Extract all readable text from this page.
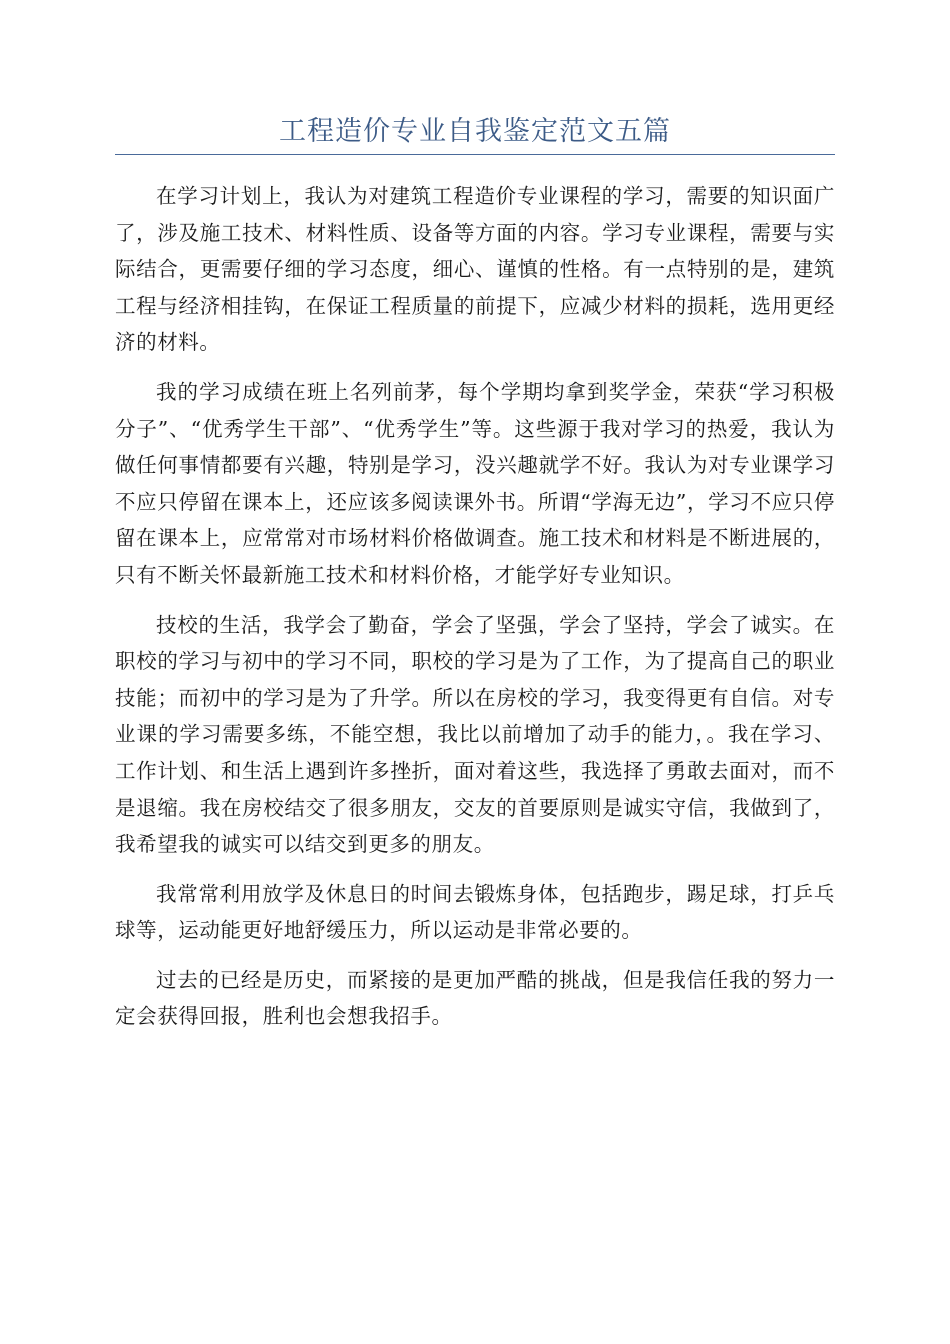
工程造价专业自我鉴定范文五篇

在学习计划上，我认为对建筑工程造价专业课程的学习，需要的知识面广了，涉及施工技术、材料性质、设备等方面的内容。学习专业课程，需要与实际结合，更需要仔细的学习态度，细心、谨慎的性格。有一点特别的是，建筑工程与经济相挂钩，在保证工程质量的前提下，应减少材料的损耗，选用更经济的材料。

我的学习成绩在班上名列前茅，每个学期均拿到奖学金，荣获“学习积极分子”、“优秀学生干部”、“优秀学生”等。这些源于我对学习的热爱，我认为做任何事情都要有兴趣，特别是学习，没兴趣就学不好。我认为对专业课学习不应只停留在课本上，还应该多阅读课外书。所谓“学海无边”，学习不应只停留在课本上，应常常对市场材料价格做调查。施工技术和材料是不断进展的，只有不断关怀最新施工技术和材料价格，才能学好专业知识。

技校的生活，我学会了勤奋，学会了坚强，学会了坚持，学会了诚实。在职校的学习与初中的学习不同，职校的学习是为了工作，为了提高自己的职业技能；而初中的学习是为了升学。所以在房校的学习，我变得更有自信。对专业课的学习需要多练，不能空想，我比以前增加了动手的能力，。我在学习、工作计划、和生活上遇到许多挫折，面对着这些，我选择了勇敢去面对，而不是退缩。我在房校结交了很多朋友，交友的首要原则是诚实守信，我做到了，我希望我的诚实可以结交到更多的朋友。

我常常利用放学及休息日的时间去锻炼身体，包括跑步，踢足球，打乒乓球等，运动能更好地舒缓压力，所以运动是非常必要的。

过去的已经是历史，而紧接的是更加严酷的挑战，但是我信任我的努力一定会获得回报，胜利也会想我招手。
